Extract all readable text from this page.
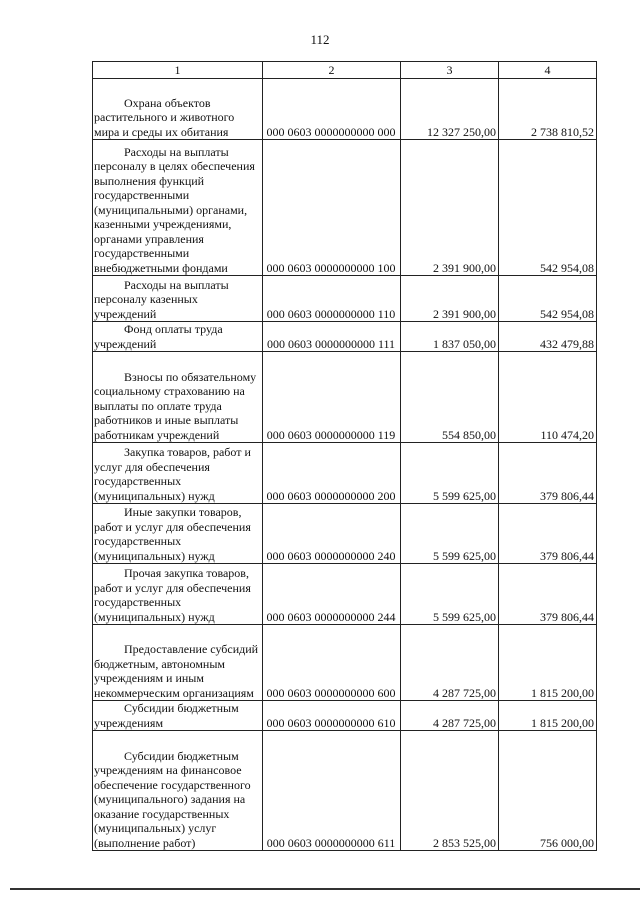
112
1	2	3	4
Охрана объектов растительного и животного мира и среды их обитания	000 0603 0000000000 000	12 327 250,00	2 738 810,52
Расходы на выплаты персоналу в целях обеспечения выполнения функций государственными (муниципальными) органами, казенными учреждениями, органами управления государственными внебюджетными фондами	000 0603 0000000000 100	2 391 900,00	542 954,08
Расходы на выплаты персоналу казенных учреждений	000 0603 0000000000 110	2 391 900,00	542 954,08
Фонд оплаты труда учреждений	000 0603 0000000000 111	1 837 050,00	432 479,88
Взносы по обязательному социальному страхованию на выплаты по оплате труда работников и иные выплаты работникам учреждений	000 0603 0000000000 119	554 850,00	110 474,20
Закупка товаров, работ и услуг для обеспечения государственных (муниципальных) нужд	000 0603 0000000000 200	5 599 625,00	379 806,44
Иные закупки товаров, работ и услуг для обеспечения государственных (муниципальных) нужд	000 0603 0000000000 240	5 599 625,00	379 806,44
Прочая закупка товаров, работ и услуг для обеспечения государственных (муниципальных) нужд	000 0603 0000000000 244	5 599 625,00	379 806,44
Предоставление субсидий бюджетным, автономным учреждениям и иным некоммерческим организациям	000 0603 0000000000 600	4 287 725,00	1 815 200,00
Субсидии бюджетным учреждениям	000 0603 0000000000 610	4 287 725,00	1 815 200,00
Субсидии бюджетным учреждениям на финансовое обеспечение государственного (муниципального) задания на оказание государственных (муниципальных) услуг (выполнение работ)	000 0603 0000000000 611	2 853 525,00	756 000,00
